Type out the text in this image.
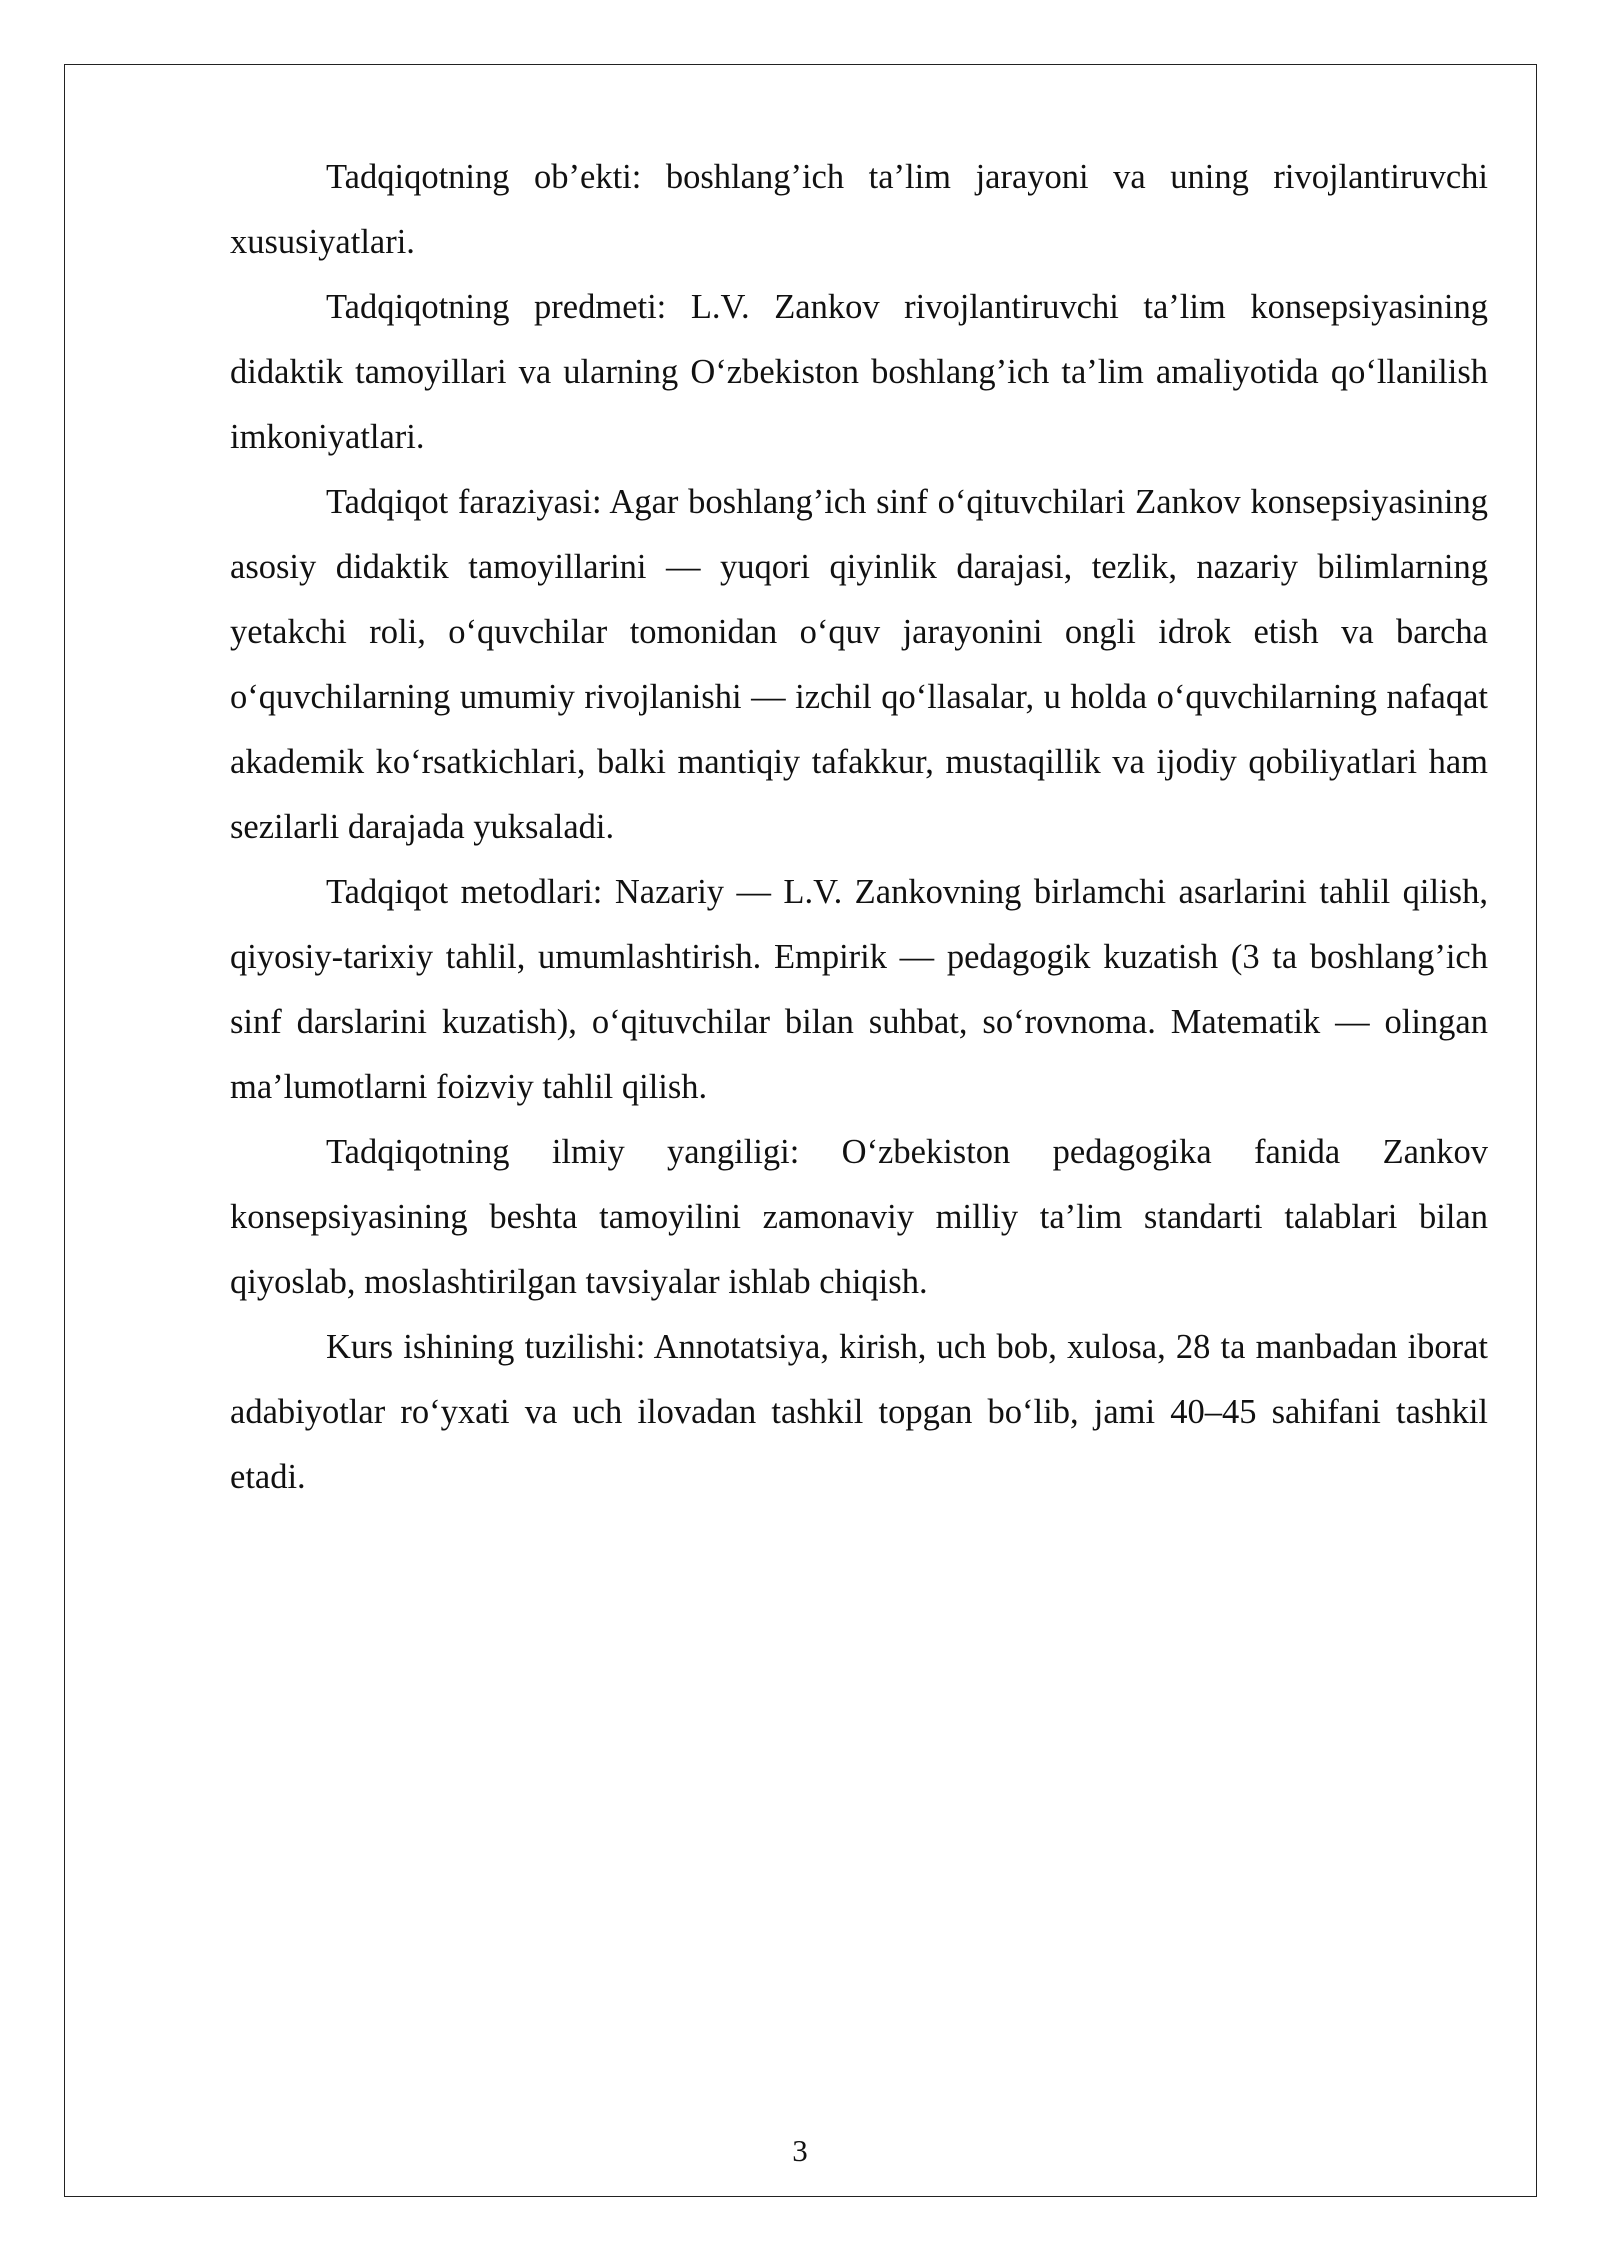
Tadqiqotning ob’ekti: boshlang’ich ta’lim jarayoni va uning rivojlantiruvchi xususiyatlari.

Tadqiqotning predmeti: L.V. Zankov rivojlantiruvchi ta’lim konsepsiyasining didaktik tamoyillari va ularning O‘zbekiston boshlang’ich ta’lim amaliyotida qo‘llanilish imkoniyatlari.

Tadqiqot faraziyasi: Agar boshlang’ich sinf o‘qituvchilari Zankov konsepsiyasining asosiy didaktik tamoyillarini — yuqori qiyinlik darajasi, tezlik, nazariy bilimlarning yetakchi roli, o‘quvchilar tomonidan o‘quv jarayonini ongli idrok etish va barcha o‘quvchilarning umumiy rivojlanishi — izchil qo‘llasalar, u holda o‘quvchilarning nafaqat akademik ko‘rsatkichlari, balki mantiqiy tafakkur, mustaqillik va ijodiy qobiliyatlari ham sezilarli darajada yuksaladi.

Tadqiqot metodlari: Nazariy — L.V. Zankovning birlamchi asarlarini tahlil qilish, qiyosiy-tarixiy tahlil, umumlashtirish. Empirik — pedagogik kuzatish (3 ta boshlang’ich sinf darslarini kuzatish), o‘qituvchilar bilan suhbat, so‘rovnoma. Matematik — olingan ma’lumotlarni foizviy tahlil qilish.

Tadqiqotning ilmiy yangiligi: O‘zbekiston pedagogika fanida Zankov konsepsiyasining beshta tamoyilini zamonaviy milliy ta’lim standarti talablari bilan qiyoslab, moslashtirilgan tavsiyalar ishlab chiqish.

Kurs ishining tuzilishi: Annotatsiya, kirish, uch bob, xulosa, 28 ta manbadan iborat adabiyotlar ro‘yxati va uch ilovadan tashkil topgan bo‘lib, jami 40–45 sahifani tashkil etadi.

3
